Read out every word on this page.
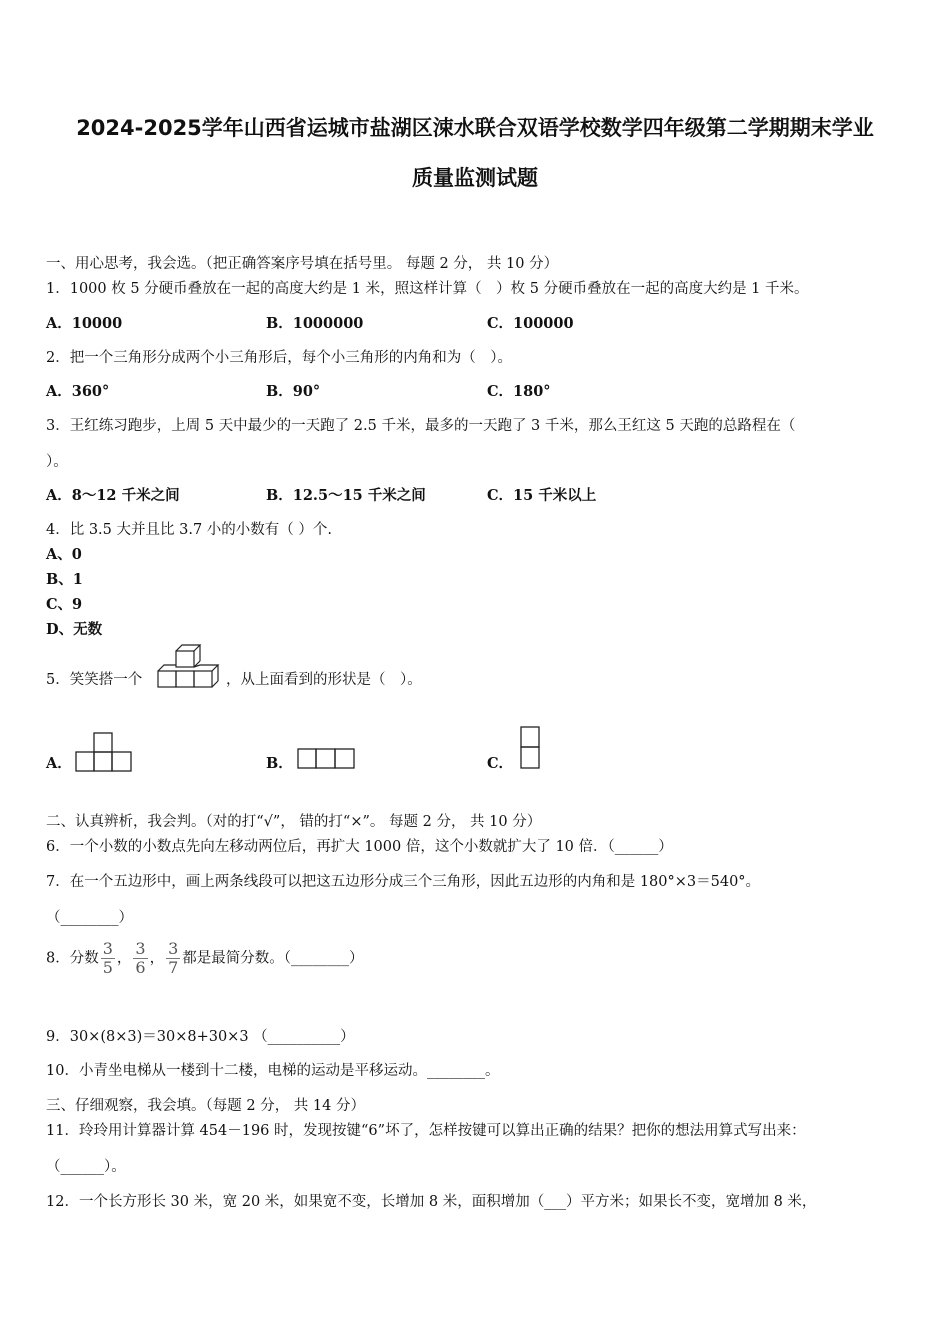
2024-2025学年山西省运城市盐湖区涑水联合双语学校数学四年级第二学期期末学业
质量监测试题
一、用心思考，我会选。（把正确答案序号填在括号里。 每题 2 分， 共 10 分）
1．1000 枚 5 分硬币叠放在一起的高度大约是 1 米，照这样计算（　）枚 5 分硬币叠放在一起的高度大约是 1 千米。
A．10000	B．1000000	C．100000
2．把一个三角形分成两个小三角形后，每个小三角形的内角和为（　）。
A．360°	B．90°	C．180°
3．王红练习跑步，上周 5 天中最少的一天跑了 2.5 千米，最多的一天跑了 3 千米，那么王红这 5 天跑的总路程在（
）。
A．8～12 千米之间	B．12.5～15 千米之间	C．15 千米以上
4．比 3.5 大并且比 3.7 小的小数有（ ）个.
A、0
B、1
C、9
D、无数
5．笑笑搭一个	，从上面看到的形状是（　）。
A．	B．	C．
二、认真辨析，我会判。（对的打“√”， 错的打“×”。 每题 2 分， 共 10 分）
6．一个小数的小数点先向左移动两位后，再扩大 1000 倍，这个小数就扩大了 10 倍．（______）
7．在一个五边形中，画上两条线段可以把这五边形分成三个三角形，因此五边形的内角和是 180°×3＝540°。
（________）
8．分数 $\frac{3}{5}$ ， $\frac{3}{6}$ ， $\frac{3}{7}$ 都是最简分数。（________）
9．30×(8×3)＝30×8+30×3 （__________）
10．小青坐电梯从一楼到十二楼，电梯的运动是平移运动。________。
三、仔细观察，我会填。（每题 2 分， 共 14 分）
11．玲玲用计算器计算 454－196 时，发现按键“6”坏了，怎样按键可以算出正确的结果？把你的想法用算式写出来：
（______）。
12．一个长方形长 30 米，宽 20 米，如果宽不变，长增加 8 米，面积增加（___）平方米；如果长不变，宽增加 8 米，
